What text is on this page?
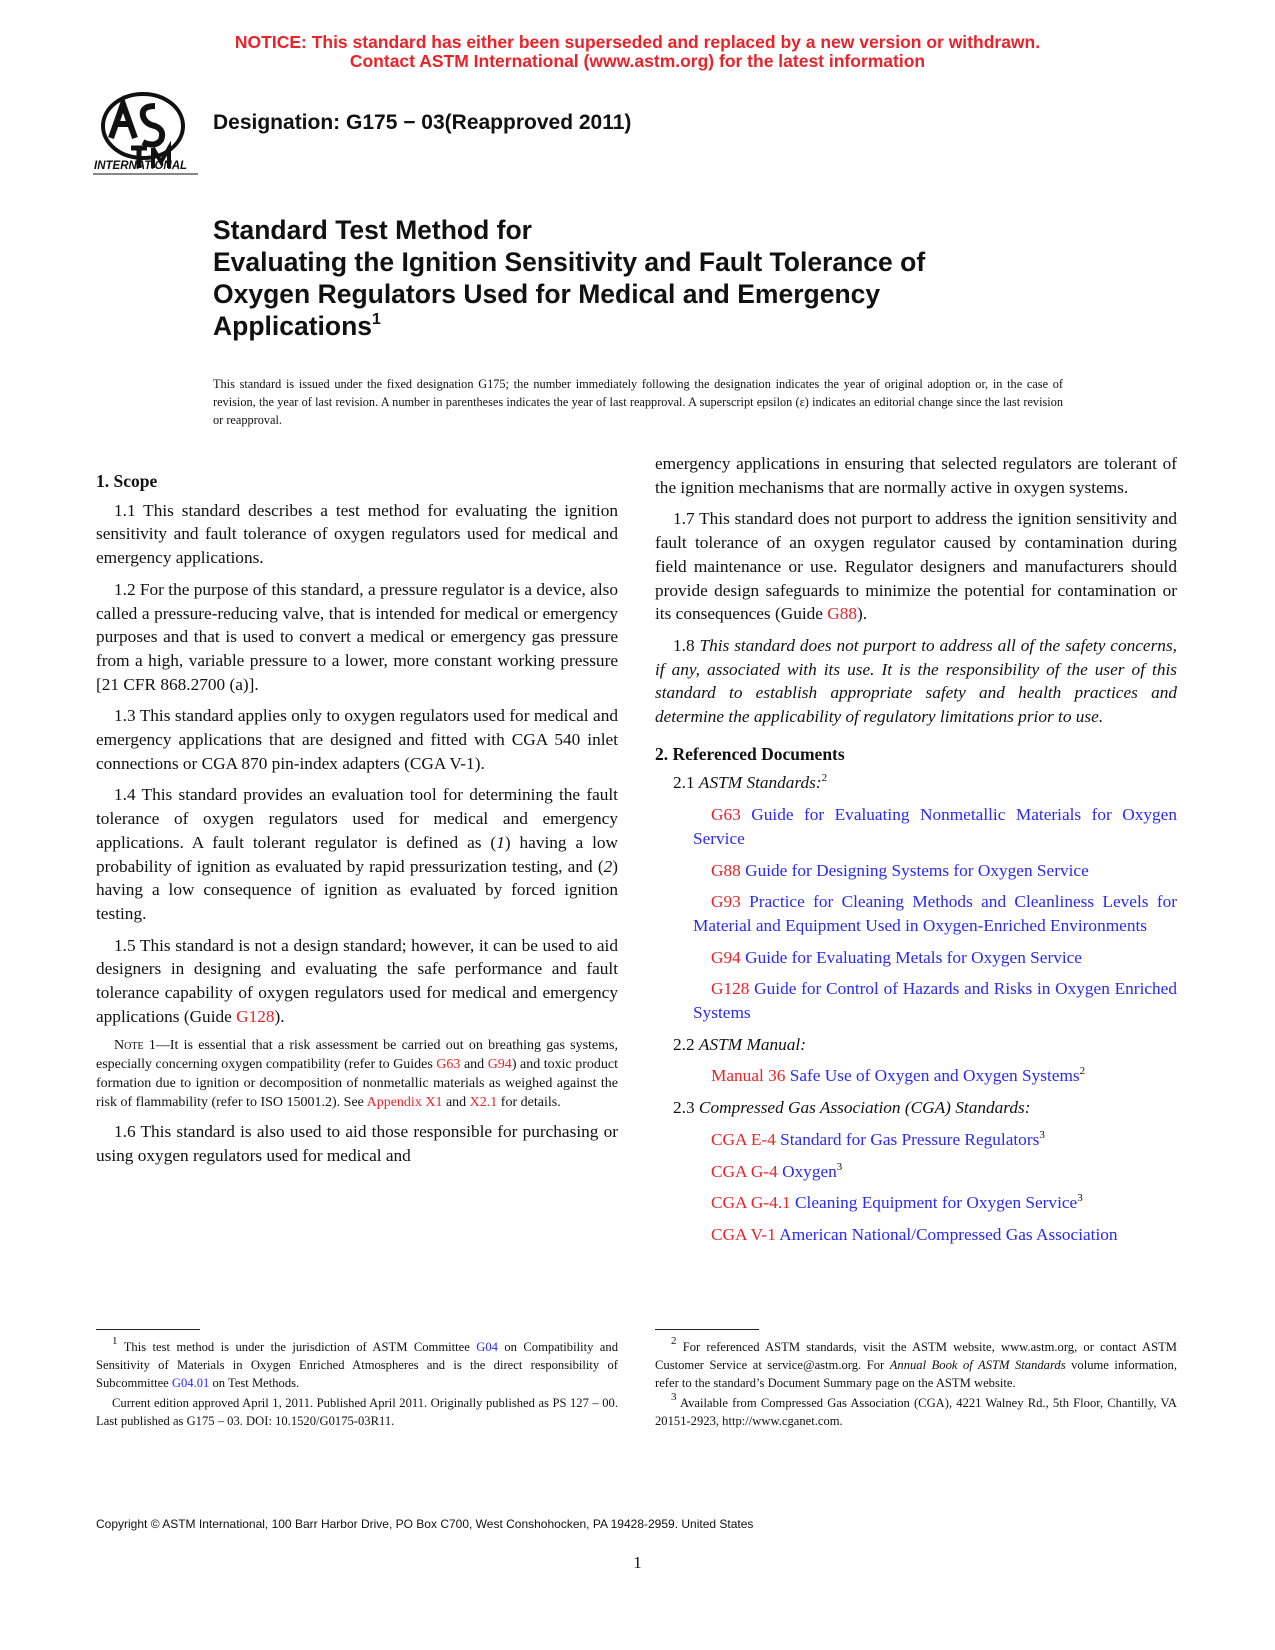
NOTICE: This standard has either been superseded and replaced by a new version or withdrawn.
Contact ASTM International (www.astm.org) for the latest information
INTERNATIONAL
Designation: G175 − 03(Reapproved 2011)
Standard Test Method for
Evaluating the Ignition Sensitivity and Fault Tolerance of
Oxygen Regulators Used for Medical and Emergency
Applications$^1$
This standard is issued under the fixed designation G175; the number immediately following the designation indicates the year of original adoption or, in the case of revision, the year of last revision. A number in parentheses indicates the year of last reapproval. A superscript epsilon (ε) indicates an editorial change since the last revision or reapproval.
1. Scope

1.1 This standard describes a test method for evaluating the ignition sensitivity and fault tolerance of oxygen regulators used for medical and emergency applications.

1.2 For the purpose of this standard, a pressure regulator is a device, also called a pressure-reducing valve, that is intended for medical or emergency purposes and that is used to convert a medical or emergency gas pressure from a high, variable pressure to a lower, more constant working pressure [21 CFR 868.2700 (a)].

1.3 This standard applies only to oxygen regulators used for medical and emergency applications that are designed and fitted with CGA 540 inlet connections or CGA 870 pin-index adapters (CGA V-1).

1.4 This standard provides an evaluation tool for determining the fault tolerance of oxygen regulators used for medical and emergency applications. A fault tolerant regulator is defined as (1) having a low probability of ignition as evaluated by rapid pressurization testing, and (2) having a low consequence of ignition as evaluated by forced ignition testing.

1.5 This standard is not a design standard; however, it can be used to aid designers in designing and evaluating the safe performance and fault tolerance capability of oxygen regulators used for medical and emergency applications (Guide G128).

Note 1—It is essential that a risk assessment be carried out on breathing gas systems, especially concerning oxygen compatibility (refer to Guides G63 and G94) and toxic product formation due to ignition or decomposition of nonmetallic materials as weighed against the risk of flammability (refer to ISO 15001.2). See Appendix X1 and X2.1 for details.

1.6 This standard is also used to aid those responsible for purchasing or using oxygen regulators used for medical and

emergency applications in ensuring that selected regulators are tolerant of the ignition mechanisms that are normally active in oxygen systems.

1.7 This standard does not purport to address the ignition sensitivity and fault tolerance of an oxygen regulator caused by contamination during field maintenance or use. Regulator designers and manufacturers should provide design safeguards to minimize the potential for contamination or its consequences (Guide G88).

1.8 This standard does not purport to address all of the safety concerns, if any, associated with its use. It is the responsibility of the user of this standard to establish appropriate safety and health practices and determine the applicability of regulatory limitations prior to use.

2. Referenced Documents

2.1 ASTM Standards:$^2$

G63 Guide for Evaluating Nonmetallic Materials for Oxygen Service

G88 Guide for Designing Systems for Oxygen Service

G93 Practice for Cleaning Methods and Cleanliness Levels for Material and Equipment Used in Oxygen-Enriched Environments

G94 Guide for Evaluating Metals for Oxygen Service

G128 Guide for Control of Hazards and Risks in Oxygen Enriched Systems

2.2 ASTM Manual:

Manual 36 Safe Use of Oxygen and Oxygen Systems$^2$

2.3 Compressed Gas Association (CGA) Standards:

CGA E-4 Standard for Gas Pressure Regulators$^3$

CGA G-4 Oxygen$^3$

CGA G-4.1 Cleaning Equipment for Oxygen Service$^3$

CGA V-1 American National/Compressed Gas Association

$^1$ This test method is under the jurisdiction of ASTM Committee G04 on Compatibility and Sensitivity of Materials in Oxygen Enriched Atmospheres and is the direct responsibility of Subcommittee G04.01 on Test Methods.

Current edition approved April 1, 2011. Published April 2011. Originally published as PS 127 – 00. Last published as G175 – 03. DOI: 10.1520/G0175-03R11.

$^2$ For referenced ASTM standards, visit the ASTM website, www.astm.org, or contact ASTM Customer Service at service@astm.org. For Annual Book of ASTM Standards volume information, refer to the standard’s Document Summary page on the ASTM website.

$^3$ Available from Compressed Gas Association (CGA), 4221 Walney Rd., 5th Floor, Chantilly, VA 20151-2923, http://www.cganet.com.

Copyright © ASTM International, 100 Barr Harbor Drive, PO Box C700, West Conshohocken, PA 19428-2959. United States
1
